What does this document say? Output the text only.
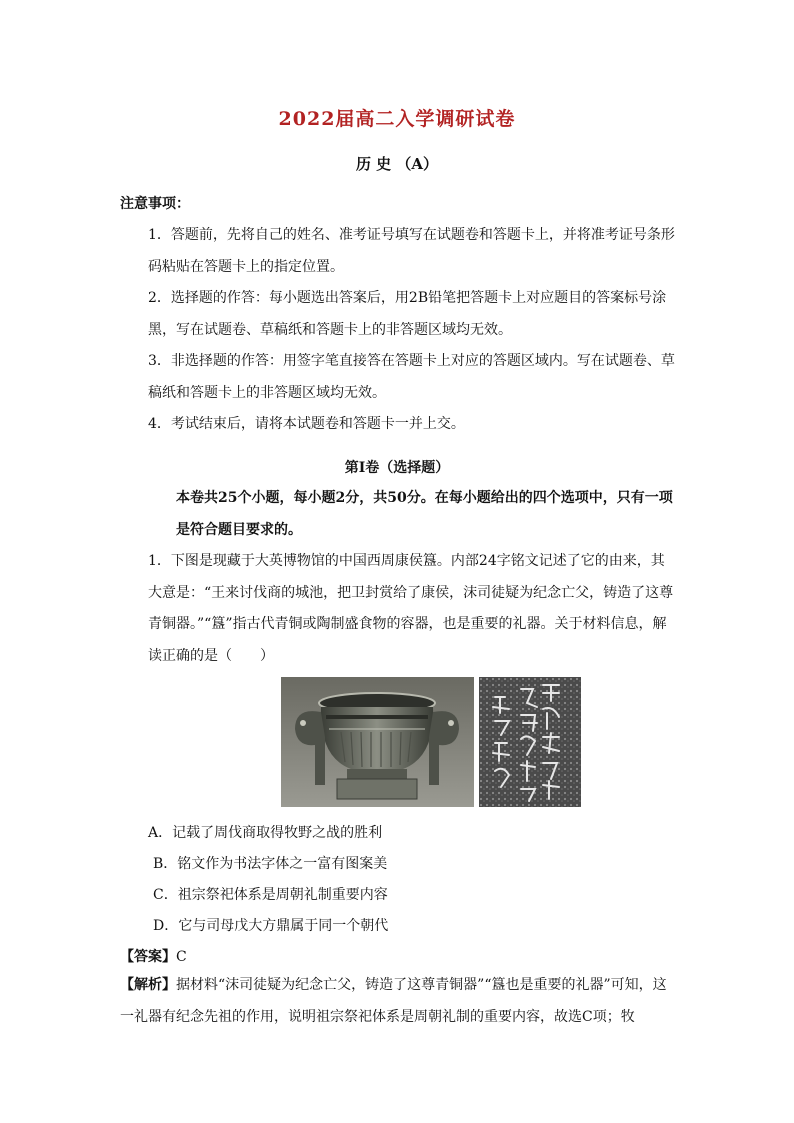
2022届高二入学调研试卷
历 史 （A）
注意事项：
1．答题前，先将自己的姓名、准考证号填写在试题卷和答题卡上，并将准考证号条形码粘贴在答题卡上的指定位置。
2．选择题的作答：每小题选出答案后，用2B铅笔把答题卡上对应题目的答案标号涂黑，写在试题卷、草稿纸和答题卡上的非答题区域均无效。
3．非选择题的作答：用签字笔直接答在答题卡上对应的答题区域内。写在试题卷、草稿纸和答题卡上的非答题区域均无效。
4．考试结束后，请将本试题卷和答题卡一并上交。
第Ⅰ卷（选择题）
本卷共25个小题，每小题2分，共50分。在每小题给出的四个选项中，只有一项是符合题目要求的。
1．下图是现藏于大英博物馆的中国西周康侯簋。内部24字铭文记述了它的由来，其大意是：“王来讨伐商的城池，把卫封赏给了康侯，沫司徒疑为纪念亡父，铸造了这尊青铜器。”“簋”指古代青铜或陶制盛食物的容器，也是重要的礼器。关于材料信息，解读正确的是（　　）
A．记载了周伐商取得牧野之战的胜利
B．铭文作为书法字体之一富有图案美
C．祖宗祭祀体系是周朝礼制重要内容
D．它与司母戊大方鼎属于同一个朝代
【答案】C
【解析】据材料“沫司徒疑为纪念亡父，铸造了这尊青铜器”“簋也是重要的礼器”可知，这一礼器有纪念先祖的作用，说明祖宗祭祀体系是周朝礼制的重要内容，故选C项；牧
